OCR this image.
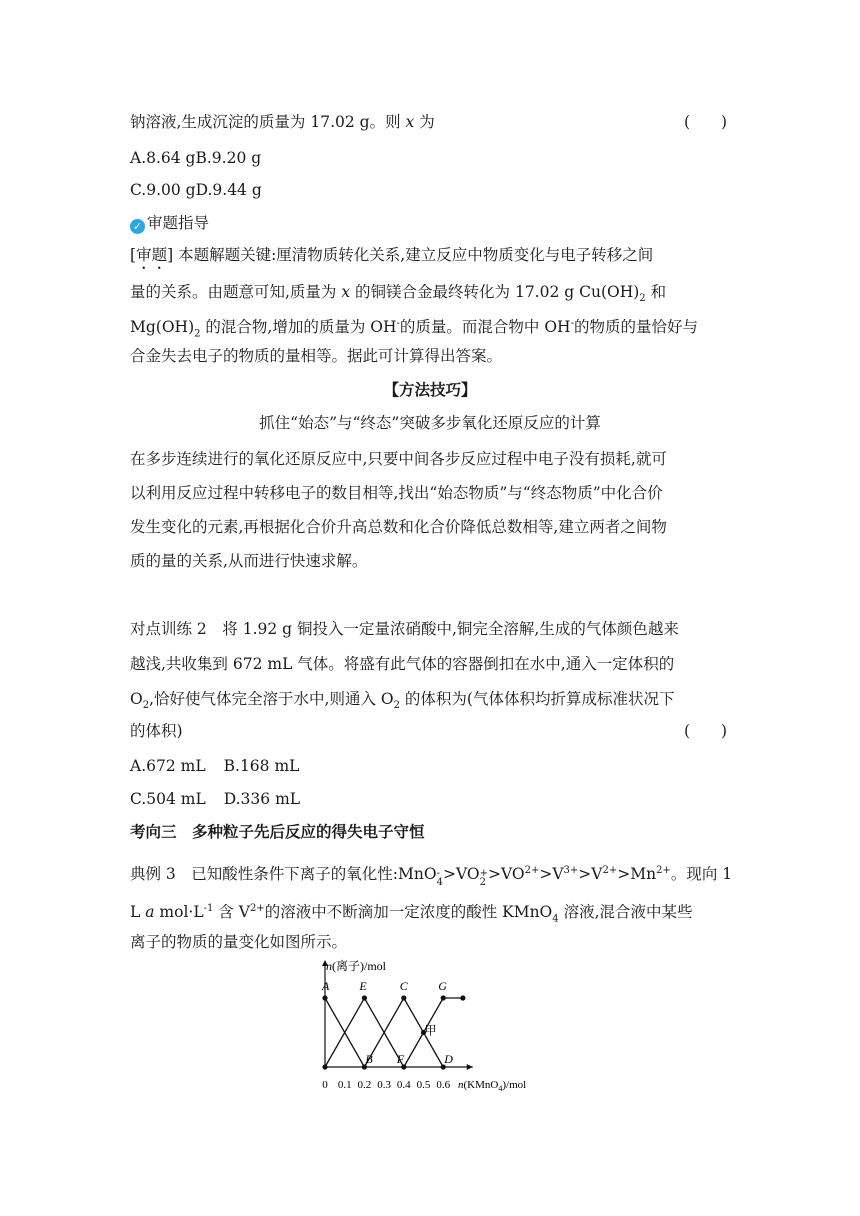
钠溶液,生成沉淀的质量为 17.02 g。则 x 为	(　　)
A.8.64 gB.9.20 g
C.9.00 gD.9.44 g
✓ 审题指导
[审题] 本题解题关键:厘清物质转化关系,建立反应中物质变化与电子转移之间
量的关系。由题意可知,质量为 x 的铜镁合金最终转化为 17.02 g $Cu(OH)_2$ 和
$Mg(OH)_2$ 的混合物,增加的质量为 OH-的质量。而混合物中 OH-的物质的量恰好与
合金失去电子的物质的量相等。据此可计算得出答案。
【方法技巧】
抓住“始态”与“终态”突破多步氧化还原反应的计算
在多步连续进行的氧化还原反应中,只要中间各步反应过程中电子没有损耗,就可
以利用反应过程中转移电子的数目相等,找出“始态物质”与“终态物质”中化合价
发生变化的元素,再根据化合价升高总数和化合价降低总数相等,建立两者之间物
质的量的关系,从而进行快速求解。
对点训练 2　将 1.92 g 铜投入一定量浓硝酸中,铜完全溶解,生成的气体颜色越来
越浅,共收集到 672 mL 气体。将盛有此气体的容器倒扣在水中,通入一定体积的
$O_2$,恰好使气体完全溶于水中,则通入 $O_2$ 的体积为(气体体积均折算成标准状况下
的体积)	(　　)
A.672 mL B.168 mL
C.504 mL D.336 mL
考向三　多种粒子先后反应的得失电子守恒
典例 3　已知酸性条件下离子的氧化性:MnO -
4 >VO +
$2 >VO^{2+}>V^{3+}>V^{2+}>Mn^{2+}$。现向 1
L a $mol\cdot L^{-1}$ 含 $V^{2+}$的溶液中不断滴加一定浓度的酸性 KMnO$_4$ 溶液,混合液中某些
离子的物质的量变化如图所示。
0 0.1 0.2 0.3 0.4 0.5 0.6
A	E	C	G
B F	D
甲
n(离子)/mol
n(KMnO$_4$)/mol
